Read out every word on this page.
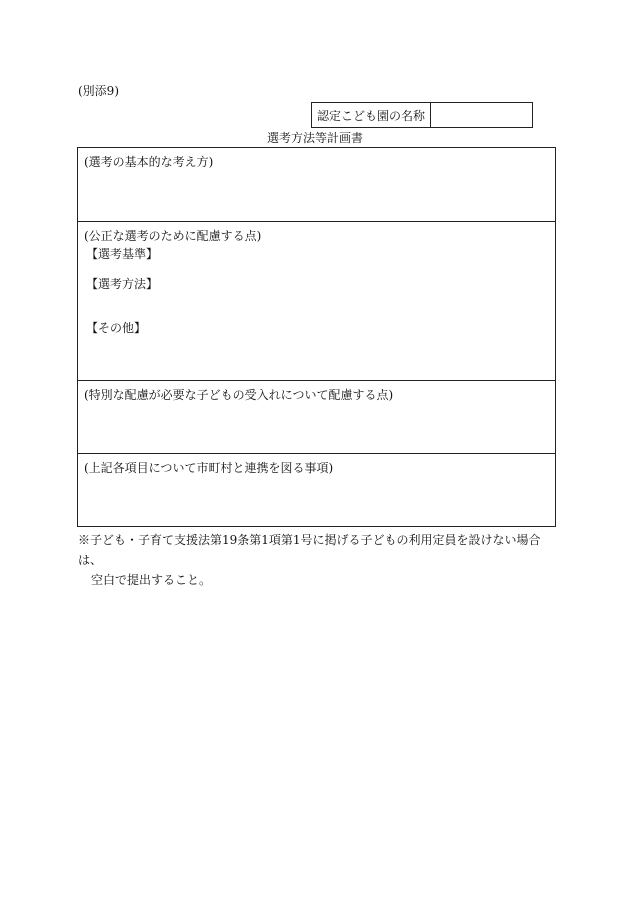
(別添9)
認定こども園の名称	
選考方法等計画書
(選考の基本的な考え方)
(公正な選考のために配慮する点)
【選考基準】
【選考方法】
【その他】
(特別な配慮が必要な子どもの受入れについて配慮する点)
(上記各項目について市町村と連携を図る事項)
※子ども・子育て支援法第19条第1項第1号に掲げる子どもの利用定員を設けない場合は、
空白で提出すること。
